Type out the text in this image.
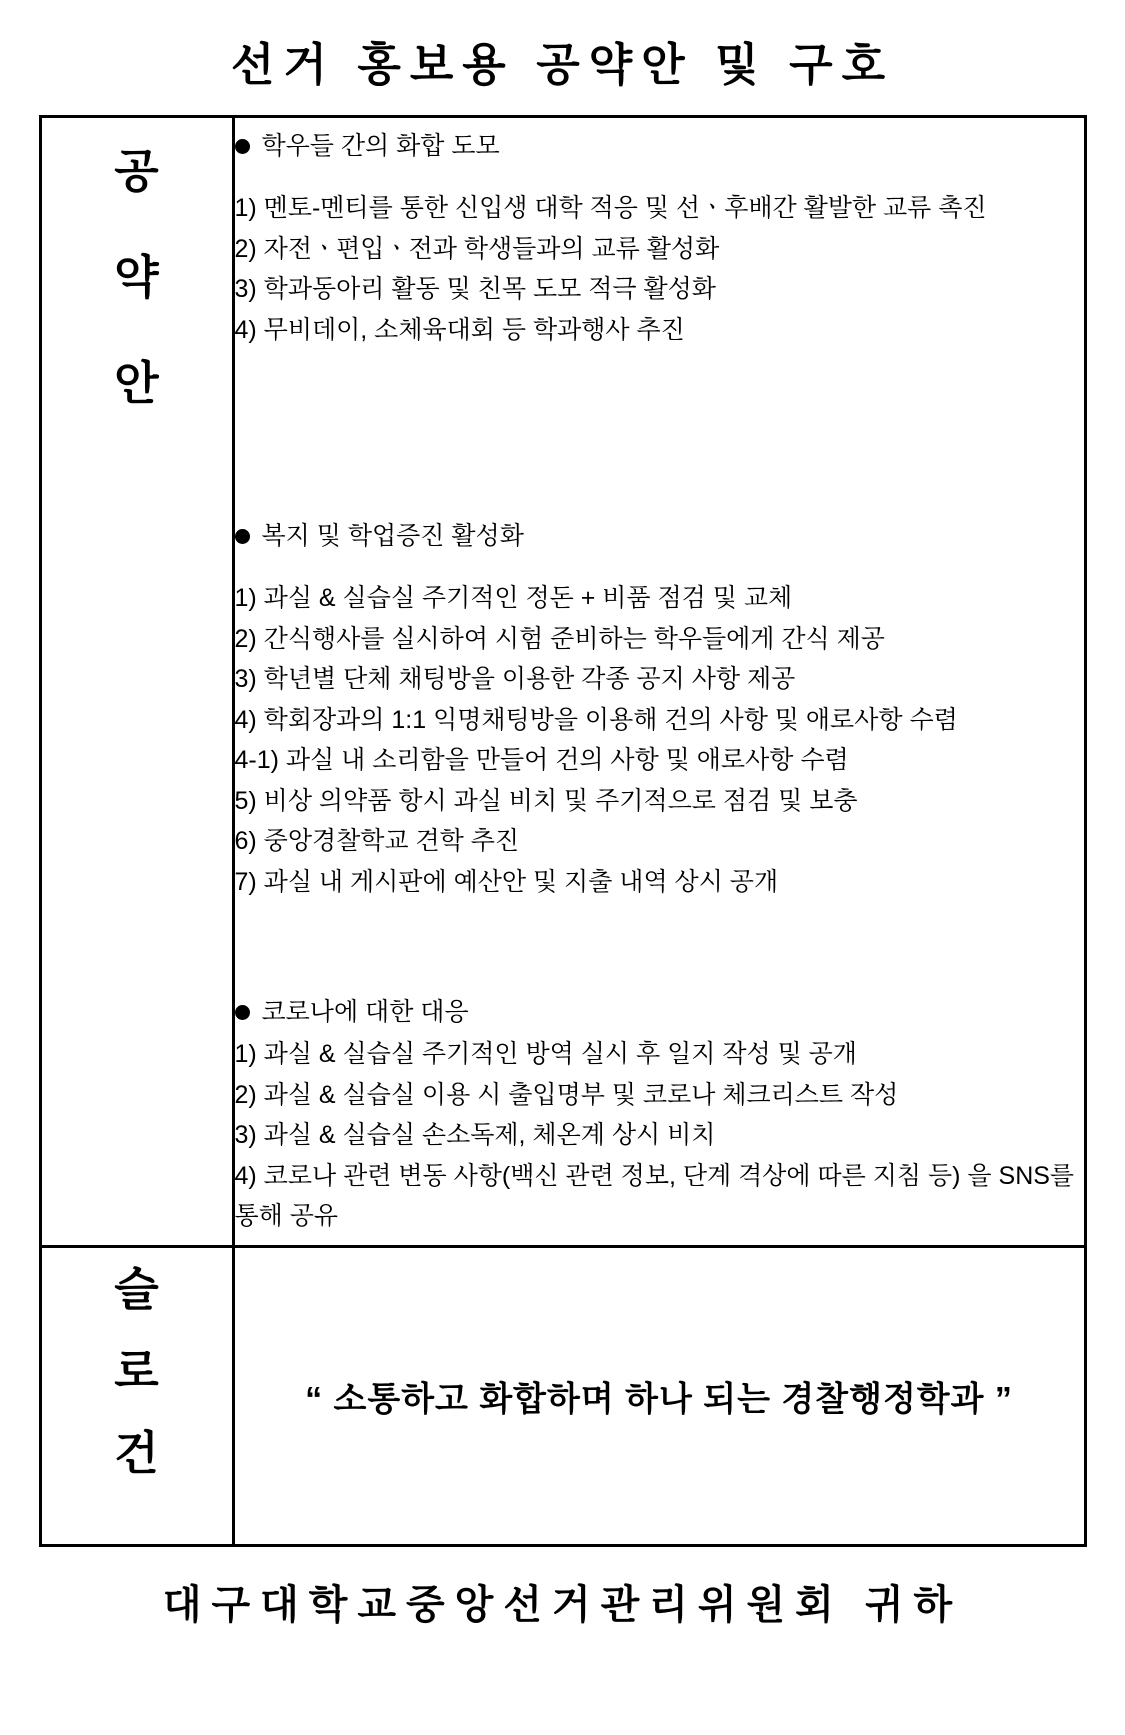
선거 홍보용 공약안 및 구호
공
약
안

학우들 간의 화합 도모
1) 멘토-멘티를 통한 신입생 대학 적응 및 선ㆍ후배간 활발한 교류 촉진
2) 자전ㆍ편입ㆍ전과 학생들과의 교류 활성화
3) 학과동아리 활동 및 친목 도모 적극 활성화
4) 무비데이, 소체육대회 등 학과행사 추진
복지 및 학업증진 활성화
1) 과실 & 실습실 주기적인 정돈 + 비품 점검 및 교체
2) 간식행사를 실시하여 시험 준비하는 학우들에게 간식 제공
3) 학년별 단체 채팅방을 이용한 각종 공지 사항 제공
4) 학회장과의 1:1 익명채팅방을 이용해 건의 사항 및 애로사항 수렴
4-1) 과실 내 소리함을 만들어 건의 사항 및 애로사항 수렴
5) 비상 의약품 항시 과실 비치 및 주기적으로 점검 및 보충
6) 중앙경찰학교 견학 추진
7) 과실 내 게시판에 예산안 및 지출 내역 상시 공개
코로나에 대한 대응
1) 과실 & 실습실 주기적인 방역 실시 후 일지 작성 및 공개
2) 과실 & 실습실 이용 시 출입명부 및 코로나 체크리스트 작성
3) 과실 & 실습실 손소독제, 체온계 상시 비치
4) 코로나 관련 변동 사항(백신 관련 정보, 단계 격상에 따른 지침 등) 을 SNS를 통해 공유

슬
로
건	“ 소통하고 화합하며 하나 되는 경찰행정학과 ”
대구대학교중앙선거관리위원회 귀하
